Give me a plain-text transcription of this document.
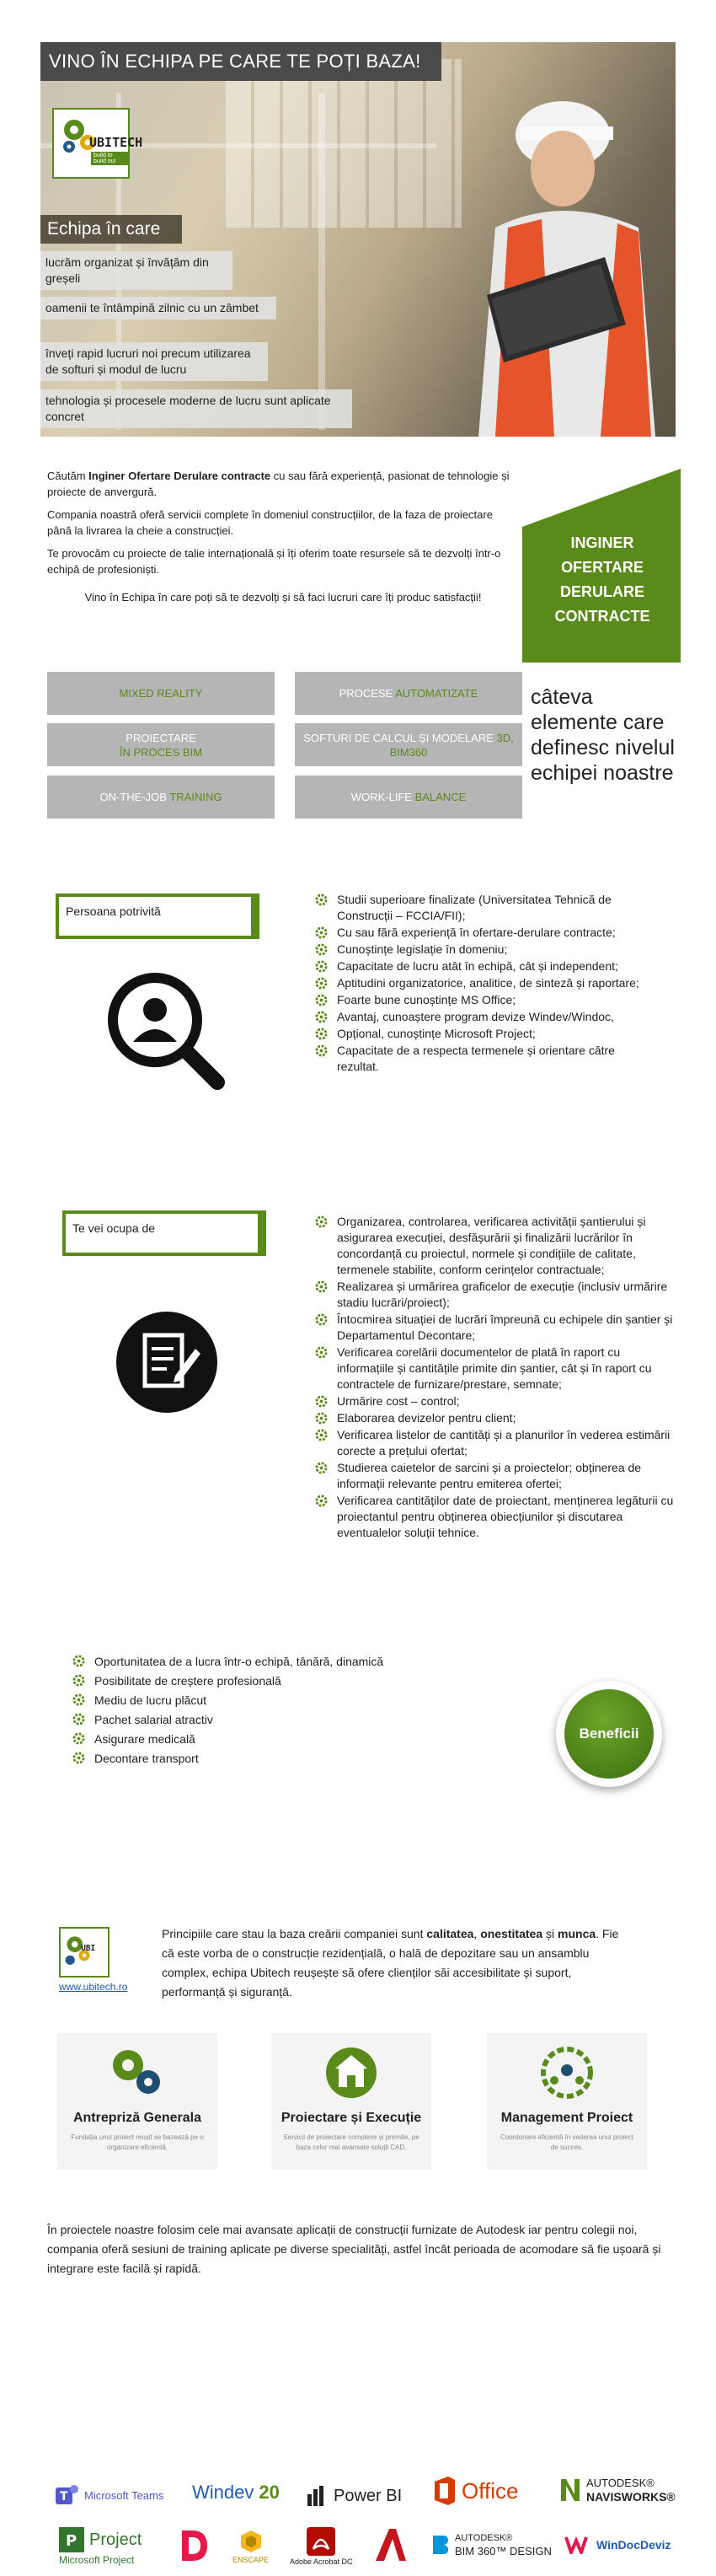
VINO ÎN ECHIPA PE CARE TE POȚI BAZA!
UBITECH
build to build out
Echipa în care
lucrăm organizat și învățăm din greșeli
oamenii te întâmpină zilnic cu un zâmbet
înveți rapid lucruri noi precum utilizarea de softuri și modul de lucru
tehnologia și procesele moderne de lucru sunt aplicate concret

Căutăm Inginer Ofertare Derulare contracte cu sau fără experiență, pasionat de tehnologie și proiecte de anvergură.

Compania noastră oferă servicii complete în domeniul construcțiilor, de la faza de proiectare până la livrarea la cheie a construcției.

Te provocăm cu proiecte de talie internațională și îți oferim toate resursele să te dezvolți într-o echipă de profesioniști.

Vino în Echipa în care poți să te dezvolți și să faci lucruri care îți produc satisfacții!

INGINER OFERTARE DERULARE CONTRACTE
MIXED REALITY	PROCESE AUTOMATIZATE
PROIECTARE
ÎN PROCES BIM
SOFTURI DE CALCUL ȘI MODELARE 3D, BIM360
ON-THE-JOB TRAINING	WORK-LIFE BALANCE
câteva elemente care definesc nivelul echipei noastre
Persoana potrivită
Studii superioare finalizate (Universitatea Tehnică de Construcții – FCCIA/FII);
Cu sau fără experiență în ofertare-derulare contracte;
Cunoștințe legislație în domeniu;
Capacitate de lucru atât în echipă, cât și independent;
Aptitudini organizatorice, analitice, de sinteză și raportare;
Foarte bune cunoștințe MS Office;
Avantaj, cunoaștere program devize Windev/Windoc,
Opțional, cunoștințe Microsoft Project;
Capacitate de a respecta termenele și orientare către rezultat.
Te vei ocupa de	Organizarea, controlarea, verificarea activității șantierului și asigurarea execuției, desfășurării și finalizării lucrărilor în concordanță cu proiectul, normele și condițiile de calitate, termenele stabilite, conform cerințelor contractuale;
Realizarea și urmărirea graficelor de execuție (inclusiv urmărire stadiu lucrări/proiect);
Întocmirea situației de lucrări împreună cu echipele din șantier și Departamentul Decontare;
Verificarea corelării documentelor de plată în raport cu informațiile și cantitățile primite din șantier, cât și în raport cu contractele de furnizare/prestare, semnate;
Urmărire cost – control;
Elaborarea devizelor pentru client;
Verificarea listelor de cantități și a planurilor în vederea estimării corecte a prețului ofertat;
Studierea caietelor de sarcini și a proiectelor; obținerea de informații relevante pentru emiterea ofertei;
Verificarea cantităților date de proiectant, menținerea legăturii cu proiectantul pentru obținerea obiecțiunilor și discutarea eventualelor soluții tehnice.
Oportunitatea de a lucra într-o echipă, tânără, dinamică
Posibilitate de creștere profesională
Mediu de lucru plăcut
Pachet salarial atractiv
Asigurare medicală
Decontare transport
Beneficii
UBI
www.ubitech.ro
Principiile care stau la baza creării companiei sunt calitatea, onestitatea și munca. Fie că este vorba de o construcție rezidențială, o hală de depozitare sau un ansamblu complex, echipa Ubitech reușește să ofere clienților săi accesibilitate și suport, performanță și siguranță.
Antrepriză Generala
Fundația unui proiect reușit se bazează pe o organizare eficientă.
Proiectare și Execuție
Servicii de proiectare complexe și premite, pe baza celor mai avansate soluții CAD.
Management Proiect
Coordonare eficientă în vederea unui proiect de succes.
În proiectele noastre folosim cele mai avansate aplicații de construcții furnizate de Autodesk iar pentru colegii noi, compania oferă sesiuni de training aplicate pe diverse specialități, astfel încât perioada de acomodare să fie ușoară și integrare este facilă și rapidă.
T Microsoft Teams Windev 20	Power BI	Office	AUTODESK®
NAVISWORKS®
P Project
Microsoft Project	ENSCAPE	Adobe Acrobat DC
AUTODESK®
BIM 360™ DESIGN	WinDocDeviz
